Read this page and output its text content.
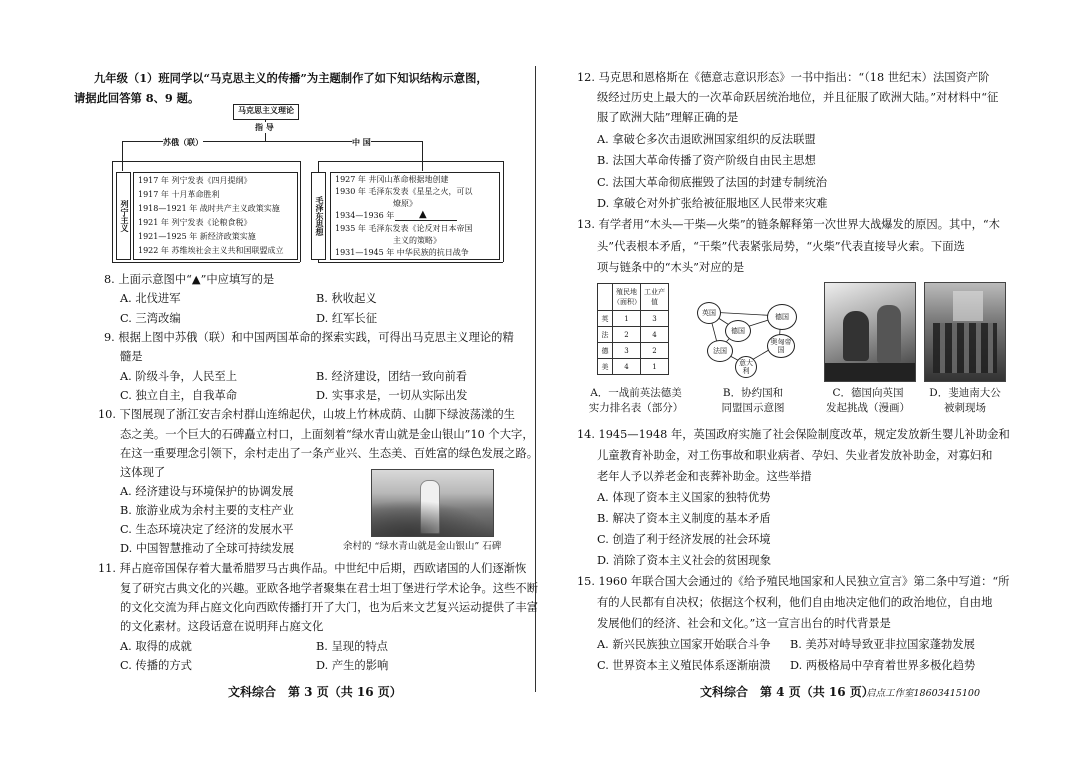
九年级（1）班同学以“马克思主义的传播”为主题制作了如下知识结构示意图，
请据此回答第 8、9 题。
马克思主义理论
指 导
苏俄（联）	中 国
列宁主义
1917 年 列宁发表《四月提纲》
1917 年 十月革命胜利
1918—1921 年 战时共产主义政策实施
1921 年 列宁发表《论粮食税》
1921—1925 年 新经济政策实施
1922 年 苏维埃社会主义共和国联盟成立
毛泽东思想
1927 年 井冈山革命根据地创建
1930 年 毛泽东发表《星星之火，可以
燎原》
1934—1936 年 ▲
1935 年 毛泽东发表《论反对日本帝国
主义的策略》
1931—1945 年 中华民族的抗日战争
8. 上面示意图中“▲”中应填写的是
A. 北伐进军	B. 秋收起义
C. 三湾改编	D. 红军长征
9. 根据上图中苏俄（联）和中国两国革命的探索实践，可得出马克思主义理论的精
髓是
A. 阶级斗争，人民至上	B. 经济建设，团结一致向前看
C. 独立自主，自我革命	D. 实事求是，一切从实际出发
10. 下图展现了浙江安吉余村群山连绵起伏，山坡上竹林成荫、山脚下绿波荡漾的生
态之美。一个巨大的石碑矗立村口，上面刻着“绿水青山就是金山银山”10 个大字，
在这一重要理念引领下，余村走出了一条产业兴、生态美、百姓富的绿色发展之路。
这体现了
A. 经济建设与环境保护的协调发展
B. 旅游业成为余村主要的支柱产业
C. 生态环境决定了经济的发展水平
D. 中国智慧推动了全球可持续发展	余村的 “绿水青山就是金山银山” 石碑
11. 拜占庭帝国保存着大量希腊罗马古典作品。中世纪中后期，西欧诸国的人们逐渐恢
复了研究古典文化的兴趣。亚欧各地学者聚集在君士坦丁堡进行学术论争。这些不断
的文化交流为拜占庭文化向西欧传播打开了大门，也为后来文艺复兴运动提供了丰富
的文化素材。这段话意在说明拜占庭文化
A. 取得的成就	B. 呈现的特点
C. 传播的方式	D. 产生的影响
文科综合　第 3 页（共 16 页）
12. 马克思和恩格斯在《德意志意识形态》一书中指出：“（18 世纪末）法国资产阶
级经过历史上最大的一次革命跃居统治地位，并且征服了欧洲大陆。”对材料中“征
服了欧洲大陆”理解正确的是
A. 拿破仑多次击退欧洲国家组织的反法联盟
B. 法国大革命传播了资产阶级自由民主思想
C. 法国大革命彻底摧毁了法国的封建专制统治
D. 拿破仑对外扩张给被征服地区人民带来灾难
13. 有学者用“木头—干柴—火柴”的链条解释第一次世界大战爆发的原因。其中，“木
头”代表根本矛盾，“干柴”代表紧张局势，“火柴”代表直接导火索。下面选
项与链条中的“木头”对应的是
	殖民地（面积）	工业产值
英	1	3
法	2	4
德	3	2
美	4	1
英国
德国
德国
法国
奥匈帝国
意大利
A．一战前英法德美
实力排名表（部分）
B．协约国和
同盟国示意图
C．德国向英国
发起挑战（漫画）
D．斐迪南大公
被刺现场
14. 1945—1948 年，英国政府实施了社会保险制度改革，规定发放新生婴儿补助金和
儿童教育补助金，对工伤事故和职业病者、孕妇、失业者发放补助金，对寡妇和
老年人予以养老金和丧葬补助金。这些举措
A. 体现了资本主义国家的独特优势
B. 解决了资本主义制度的基本矛盾
C. 创造了利于经济发展的社会环境
D. 消除了资本主义社会的贫困现象
15. 1960 年联合国大会通过的《给予殖民地国家和人民独立宣言》第二条中写道：“所
有的人民都有自决权；依据这个权利，他们自由地决定他们的政治地位，自由地
发展他们的经济、社会和文化。”这一宣言出台的时代背景是
A. 新兴民族独立国家开始联合斗争 B. 美苏对峙导致亚非拉国家蓬勃发展
C. 世界资本主义殖民体系逐渐崩溃 D. 两极格局中孕育着世界多极化趋势
文科综合　第 4 页（共 16 页）
启点工作室18603415100
